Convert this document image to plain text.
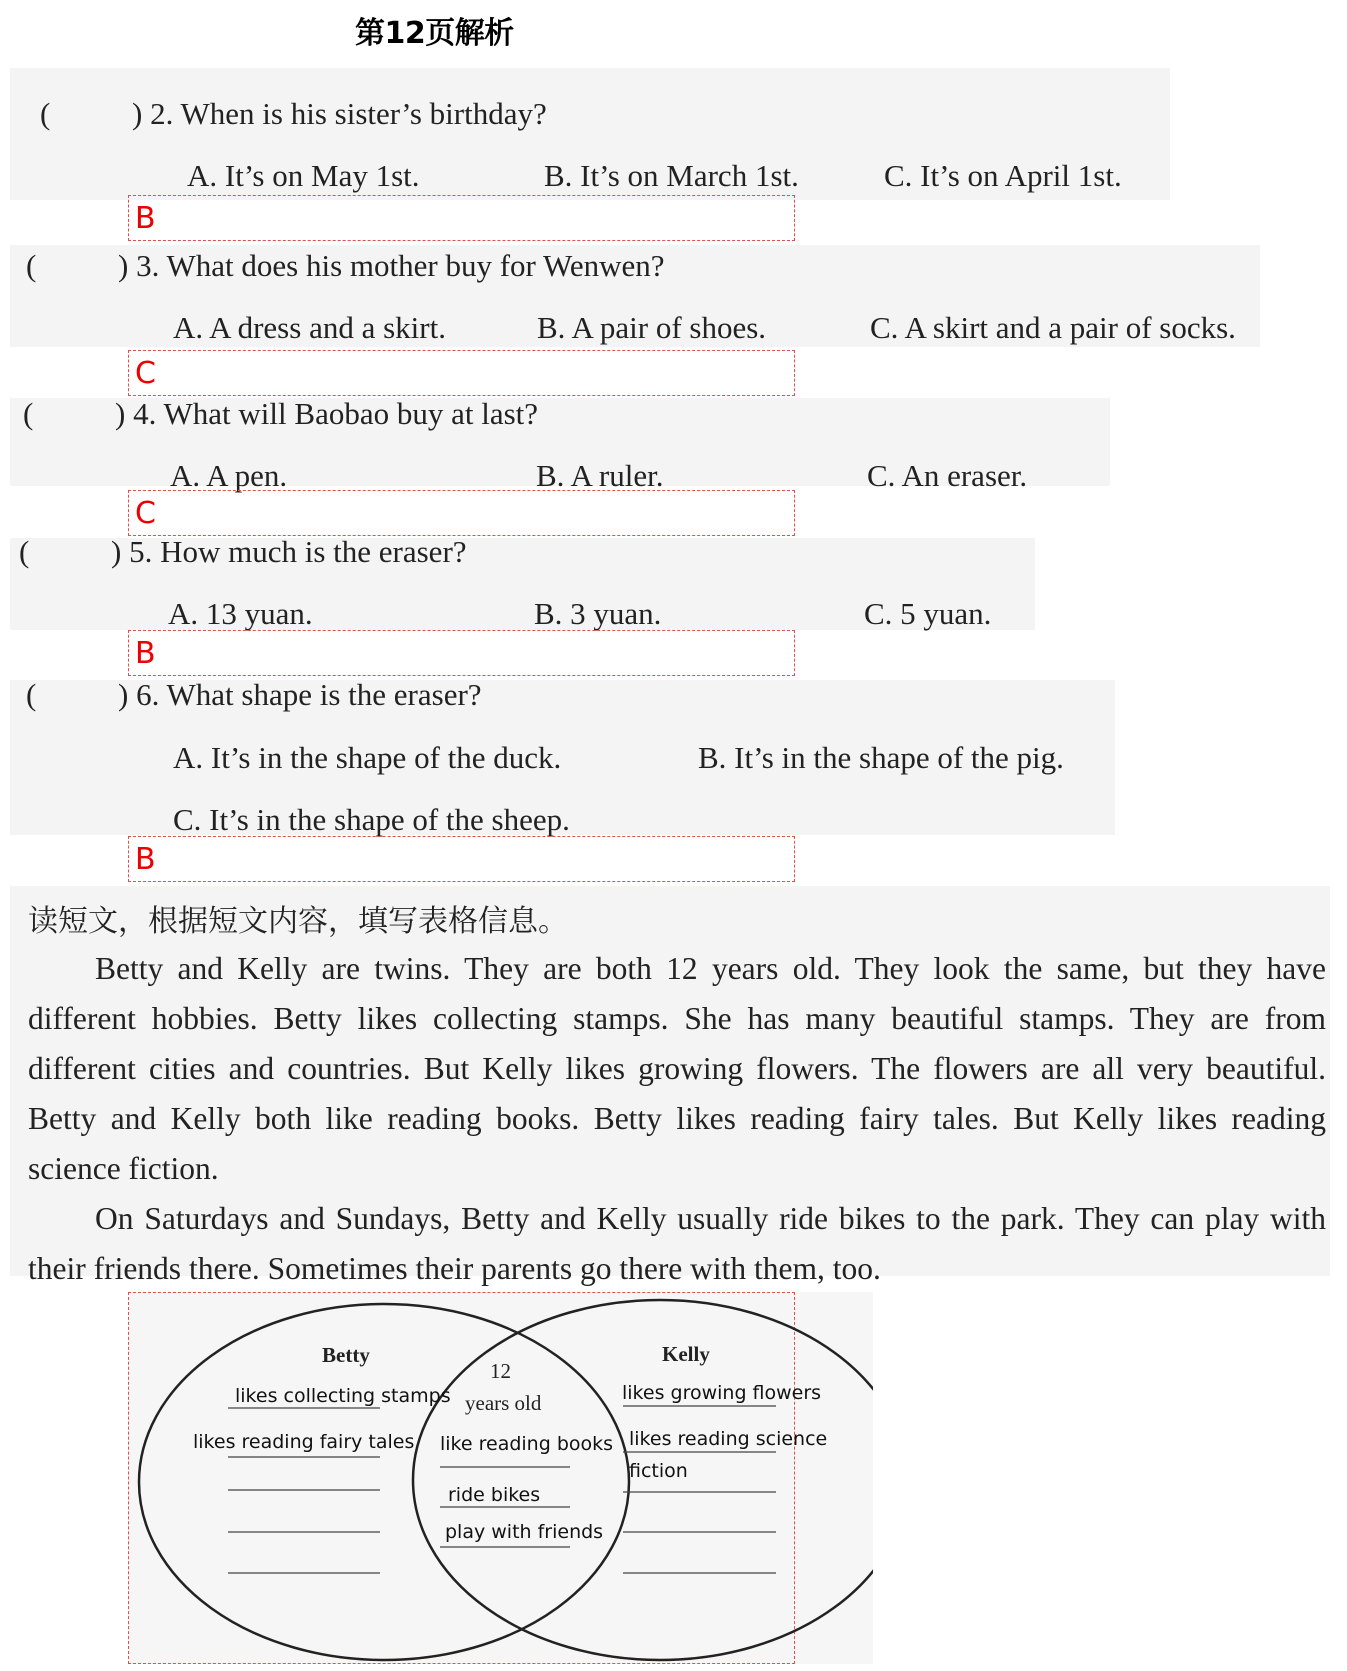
第12页解析
(	) 2. When is his sister’s birthday?
A. It’s on May 1st.	B. It’s on March 1st.	C. It’s on April 1st.
B
(	) 3. What does his mother buy for Wenwen?
A. A dress and a skirt.	B. A pair of shoes.	C. A skirt and a pair of socks.
C
(	) 4. What will Baobao buy at last?
A. A pen.	B. A ruler.	C. An eraser.
C
(	) 5. How much is the eraser?
A. 13 yuan.	B. 3 yuan.	C. 5 yuan.
B
(	) 6. What shape is the eraser?
A. It’s in the shape of the duck.	B. It’s in the shape of the pig.
C. It’s in the shape of the sheep.
B
读短文，根据短文内容，填写表格信息。

Betty and Kelly are twins. They are both 12 years old. They look the same, but they have different hobbies. Betty likes collecting stamps. She has many beautiful stamps. They are from different cities and countries. But Kelly likes growing flowers. The flowers are all very beautiful. Betty and Kelly both like reading books. Betty likes reading fairy tales. But Kelly likes reading science fiction.

On Saturdays and Sundays, Betty and Kelly usually ride bikes to the park. They can play with their friends there. Sometimes their parents go there with them, too.

Betty	Kelly
12
years old
likes collecting stamps
likes reading fairy tales like reading books
ride bikes
play with friends
likes growing flowers
likes reading science
fiction
